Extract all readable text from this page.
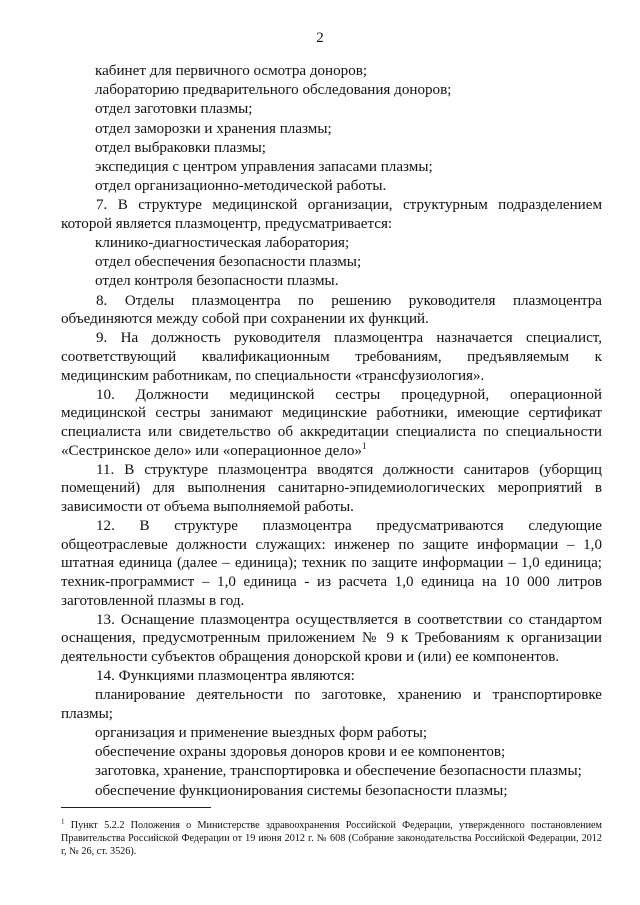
2

кабинет для первичного осмотра доноров;

лабораторию предварительного обследования доноров;

отдел заготовки плазмы;

отдел заморозки и хранения плазмы;

отдел выбраковки плазмы;

экспедиция с центром управления запасами плазмы;

отдел организационно-методической работы.

7. В структуре медицинской организации, структурным подразделением которой является плазмоцентр, предусматривается:

клинико-диагностическая лаборатория;

отдел обеспечения безопасности плазмы;

отдел контроля безопасности плазмы.

8. Отделы плазмоцентра по решению руководителя плазмоцентра объединяются между собой при сохранении их функций.

9. На должность руководителя плазмоцентра назначается специалист, соответствующий квалификационным требованиям, предъявляемым к медицинским работникам, по специальности «трансфузиология».

10. Должности медицинской сестры процедурной, операционной медицинской сестры занимают медицинские работники, имеющие сертификат специалиста или свидетельство об аккредитации специалиста по специальности «Сестринское дело» или «операционное дело»$^1$

11. В структуре плазмоцентра вводятся должности санитаров (уборщиц помещений) для выполнения санитарно-эпидемиологических мероприятий в зависимости от объема выполняемой работы.

12. В структуре плазмоцентра предусматриваются следующие общеотраслевые должности служащих: инженер по защите информации – 1,0 штатная единица (далее – единица); техник по защите информации – 1,0 единица; техник-программист – 1,0 единица - из расчета 1,0 единица на 10 000 литров заготовленной плазмы в год.

13. Оснащение плазмоцентра осуществляется в соответствии со стандартом оснащения, предусмотренным приложением № 9 к Требованиям к организации деятельности субъектов обращения донорской крови и (или) ее компонентов.

14. Функциями плазмоцентра являются:

планирование деятельности по заготовке, хранению и транспортировке плазмы;

организация и применение выездных форм работы;

обеспечение охраны здоровья доноров крови и ее компонентов;

заготовка, хранение, транспортировка и обеспечение безопасности плазмы;

обеспечение функционирования системы безопасности плазмы;

$^1$ Пункт 5.2.2 Положения о Министерстве здравоохранения Российской Федерации, утвержденного постановлением Правительства Российской Федерации от 19 июня 2012 г. № 608 (Собрание законодательства Российской Федерации, 2012 г, № 26, ст. 3526).
